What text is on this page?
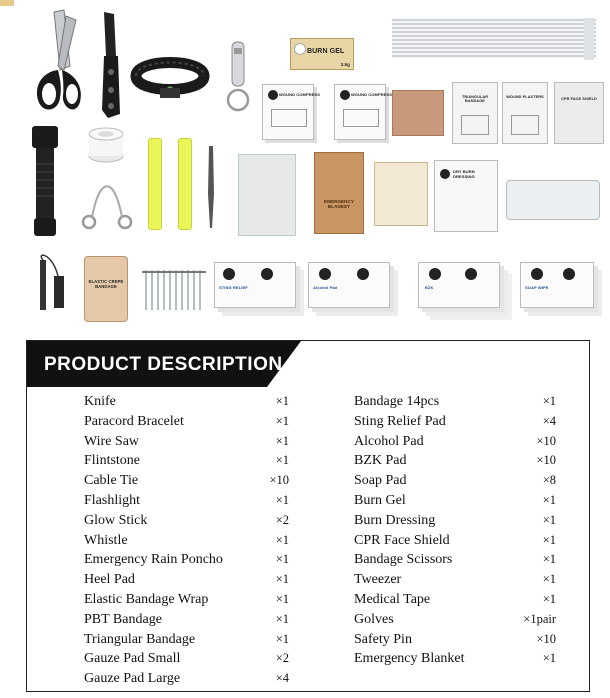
BURN GEL
3.5g
WOUND COMPRESS	WOUND COMPRESS	TRIANGULAR BANDAGE
WOUND PLASTERS	CPR FACE SHIELD
EMERGENCY BLANKET
DRY BURN DRESSING
ELASTIC CREPE BANDAGE	STING RELIEF	Alcohol Pad	BZK	SOAP WIPE
PRODUCT DESCRIPTION
Knife	×1
Paracord Bracelet	×1
Wire Saw	×1
Flintstone	×1
Cable Tie	×10
Flashlight	×1
Glow Stick	×2
Whistle	×1
Emergency Rain Poncho	×1
Heel Pad	×1
Elastic Bandage Wrap	×1
PBT Bandage	×1
Triangular Bandage	×1
Gauze Pad Small	×2
Gauze Pad Large	×4
Bandage 14pcs	×1
Sting Relief Pad	×4
Alcohol Pad	×10
BZK Pad	×10
Soap Pad	×8
Burn Gel	×1
Burn Dressing	×1
CPR Face Shield	×1
Bandage Scissors	×1
Tweezer	×1
Medical Tape	×1
Golves	×1pair
Safety Pin	×10
Emergency Blanket	×1
